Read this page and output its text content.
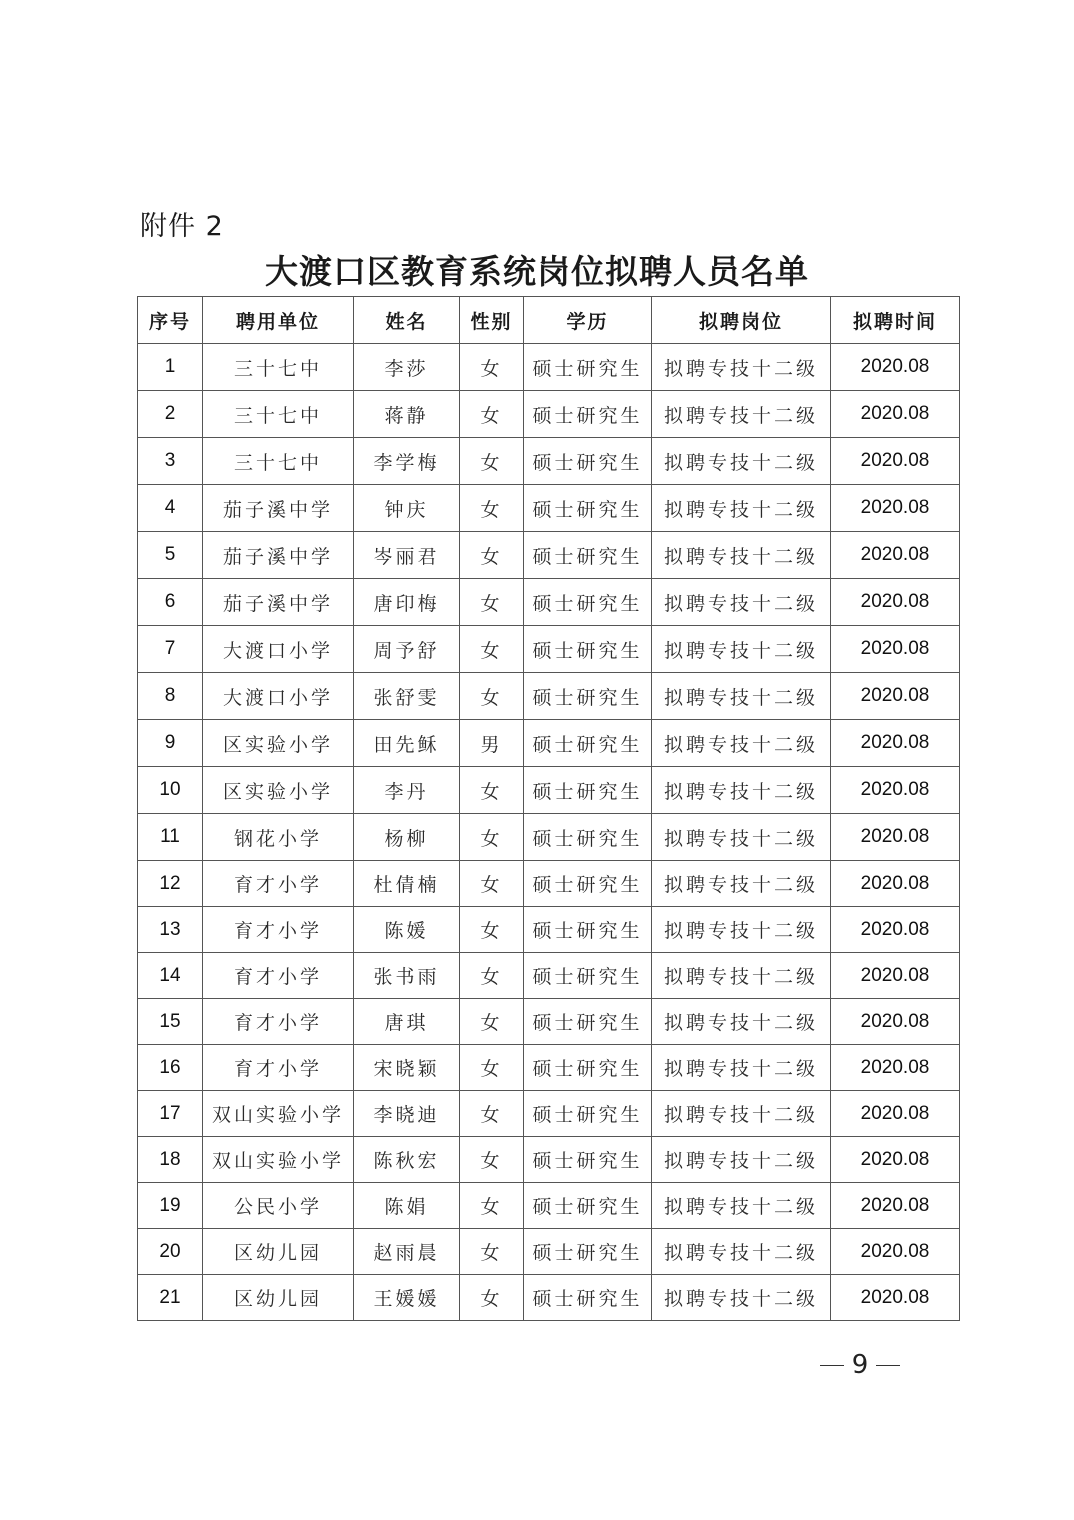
附件 2
大渡口区教育系统岗位拟聘人员名单
序号	聘用单位	姓名	性别	学历	拟聘岗位	拟聘时间
1	三十七中	李莎	女	硕士研究生	拟聘专技十二级	2020.08
2	三十七中	蒋静	女	硕士研究生	拟聘专技十二级	2020.08
3	三十七中	李学梅	女	硕士研究生	拟聘专技十二级	2020.08
4	茄子溪中学	钟庆	女	硕士研究生	拟聘专技十二级	2020.08
5	茄子溪中学	岑丽君	女	硕士研究生	拟聘专技十二级	2020.08
6	茄子溪中学	唐印梅	女	硕士研究生	拟聘专技十二级	2020.08
7	大渡口小学	周予舒	女	硕士研究生	拟聘专技十二级	2020.08
8	大渡口小学	张舒雯	女	硕士研究生	拟聘专技十二级	2020.08
9	区实验小学	田先稣	男	硕士研究生	拟聘专技十二级	2020.08
10	区实验小学	李丹	女	硕士研究生	拟聘专技十二级	2020.08
11	钢花小学	杨柳	女	硕士研究生	拟聘专技十二级	2020.08
12	育才小学	杜倩楠	女	硕士研究生	拟聘专技十二级	2020.08
13	育才小学	陈媛	女	硕士研究生	拟聘专技十二级	2020.08
14	育才小学	张书雨	女	硕士研究生	拟聘专技十二级	2020.08
15	育才小学	唐琪	女	硕士研究生	拟聘专技十二级	2020.08
16	育才小学	宋晓颖	女	硕士研究生	拟聘专技十二级	2020.08
17	双山实验小学	李晓迪	女	硕士研究生	拟聘专技十二级	2020.08
18	双山实验小学	陈秋宏	女	硕士研究生	拟聘专技十二级	2020.08
19	公民小学	陈娟	女	硕士研究生	拟聘专技十二级	2020.08
20	区幼儿园	赵雨晨	女	硕士研究生	拟聘专技十二级	2020.08
21	区幼儿园	王媛媛	女	硕士研究生	拟聘专技十二级	2020.08
9
